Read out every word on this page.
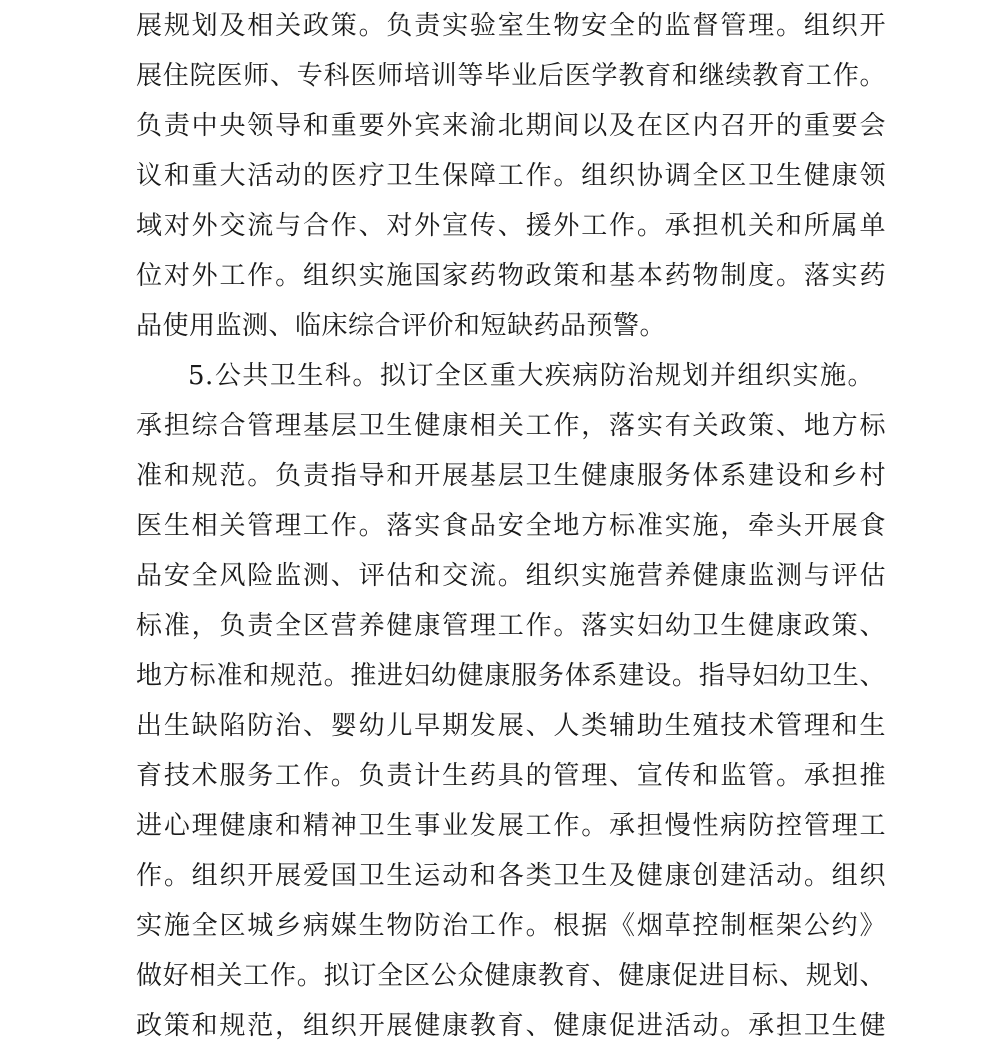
展规划及相关政策。负责实验室生物安全的监督管理。组织开
展住院医师、专科医师培训等毕业后医学教育和继续教育工作。
负责中央领导和重要外宾来渝北期间以及在区内召开的重要会
议和重大活动的医疗卫生保障工作。组织协调全区卫生健康领
域对外交流与合作、对外宣传、援外工作。承担机关和所属单
位对外工作。组织实施国家药物政策和基本药物制度。落实药
品使用监测、临床综合评价和短缺药品预警。
5.公共卫生科。拟订全区重大疾病防治规划并组织实施。
承担综合管理基层卫生健康相关工作，落实有关政策、地方标
准和规范。负责指导和开展基层卫生健康服务体系建设和乡村
医生相关管理工作。落实食品安全地方标准实施，牵头开展食
品安全风险监测、评估和交流。组织实施营养健康监测与评估
标准，负责全区营养健康管理工作。落实妇幼卫生健康政策、
地方标准和规范。推进妇幼健康服务体系建设。指导妇幼卫生、
出生缺陷防治、婴幼儿早期发展、人类辅助生殖技术管理和生
育技术服务工作。负责计生药具的管理、宣传和监管。承担推
进心理健康和精神卫生事业发展工作。承担慢性病防控管理工
作。组织开展爱国卫生运动和各类卫生及健康创建活动。组织
实施全区城乡病媒生物防治工作。根据《烟草控制框架公约》
做好相关工作。拟订全区公众健康教育、健康促进目标、规划、
政策和规范，组织开展健康教育、健康促进活动。承担卫生健
